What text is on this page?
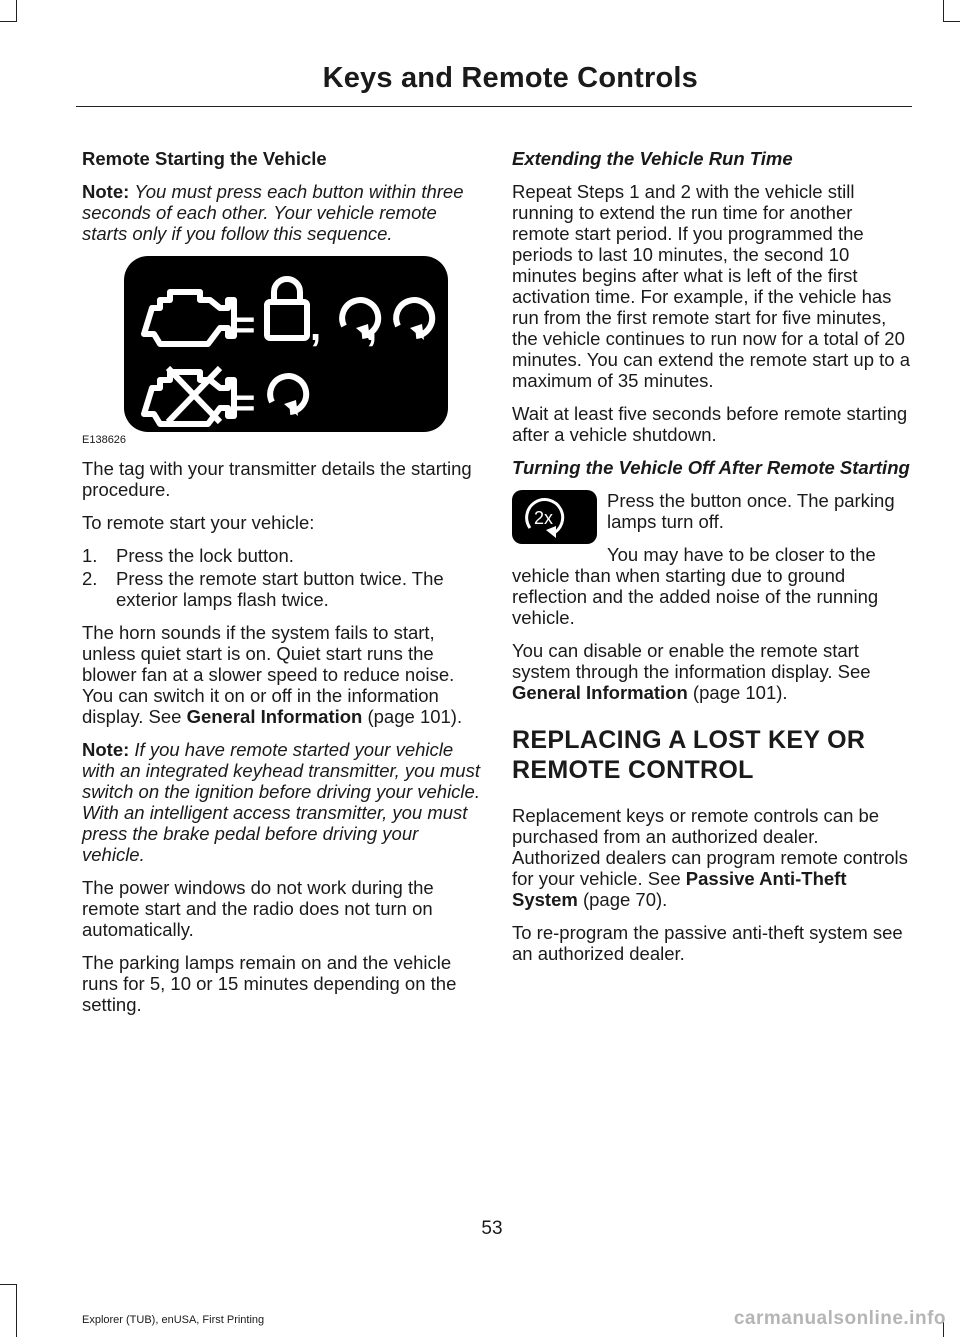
Keys and Remote Controls
Remote Starting the Vehicle

Note: You must press each button within three seconds of each other. Your vehicle remote starts only if you follow this sequence.

= , ,
=
E138626

The tag with your transmitter details the starting procedure.

To remote start your vehicle:

1. Press the lock button.
2. Press the remote start button twice. The exterior lamps flash twice.

The horn sounds if the system fails to start, unless quiet start is on. Quiet start runs the blower fan at a slower speed to reduce noise. You can switch it on or off in the information display. See General Information (page 101).

Note: If you have remote started your vehicle with an integrated keyhead transmitter, you must switch on the ignition before driving your vehicle. With an intelligent access transmitter, you must press the brake pedal before driving your vehicle.

The power windows do not work during the remote start and the radio does not turn on automatically.

The parking lamps remain on and the vehicle runs for 5, 10 or 15 minutes depending on the setting.

Extending the Vehicle Run Time

Repeat Steps 1 and 2 with the vehicle still running to extend the run time for another remote start period. If you programmed the periods to last 10 minutes, the second 10 minutes begins after what is left of the first activation time. For example, if the vehicle has run from the first remote start for five minutes, the vehicle continues to run now for a total of 20 minutes. You can extend the remote start up to a maximum of 35 minutes.

Wait at least five seconds before remote starting after a vehicle shutdown.

Turning the Vehicle Off After Remote Starting
2x

Press the button once. The parking lamps turn off.

You may have to be closer to the vehicle than when starting due to ground reflection and the added noise of the running vehicle.

You can disable or enable the remote start system through the information display. See General Information (page 101).

REPLACING A LOST KEY OR REMOTE CONTROL

Replacement keys or remote controls can be purchased from an authorized dealer. Authorized dealers can program remote controls for your vehicle. See Passive Anti-Theft System (page 70).

To re-program the passive anti-theft system see an authorized dealer.

53
Explorer (TUB), enUSA, First Printing	carmanualsonline.info
